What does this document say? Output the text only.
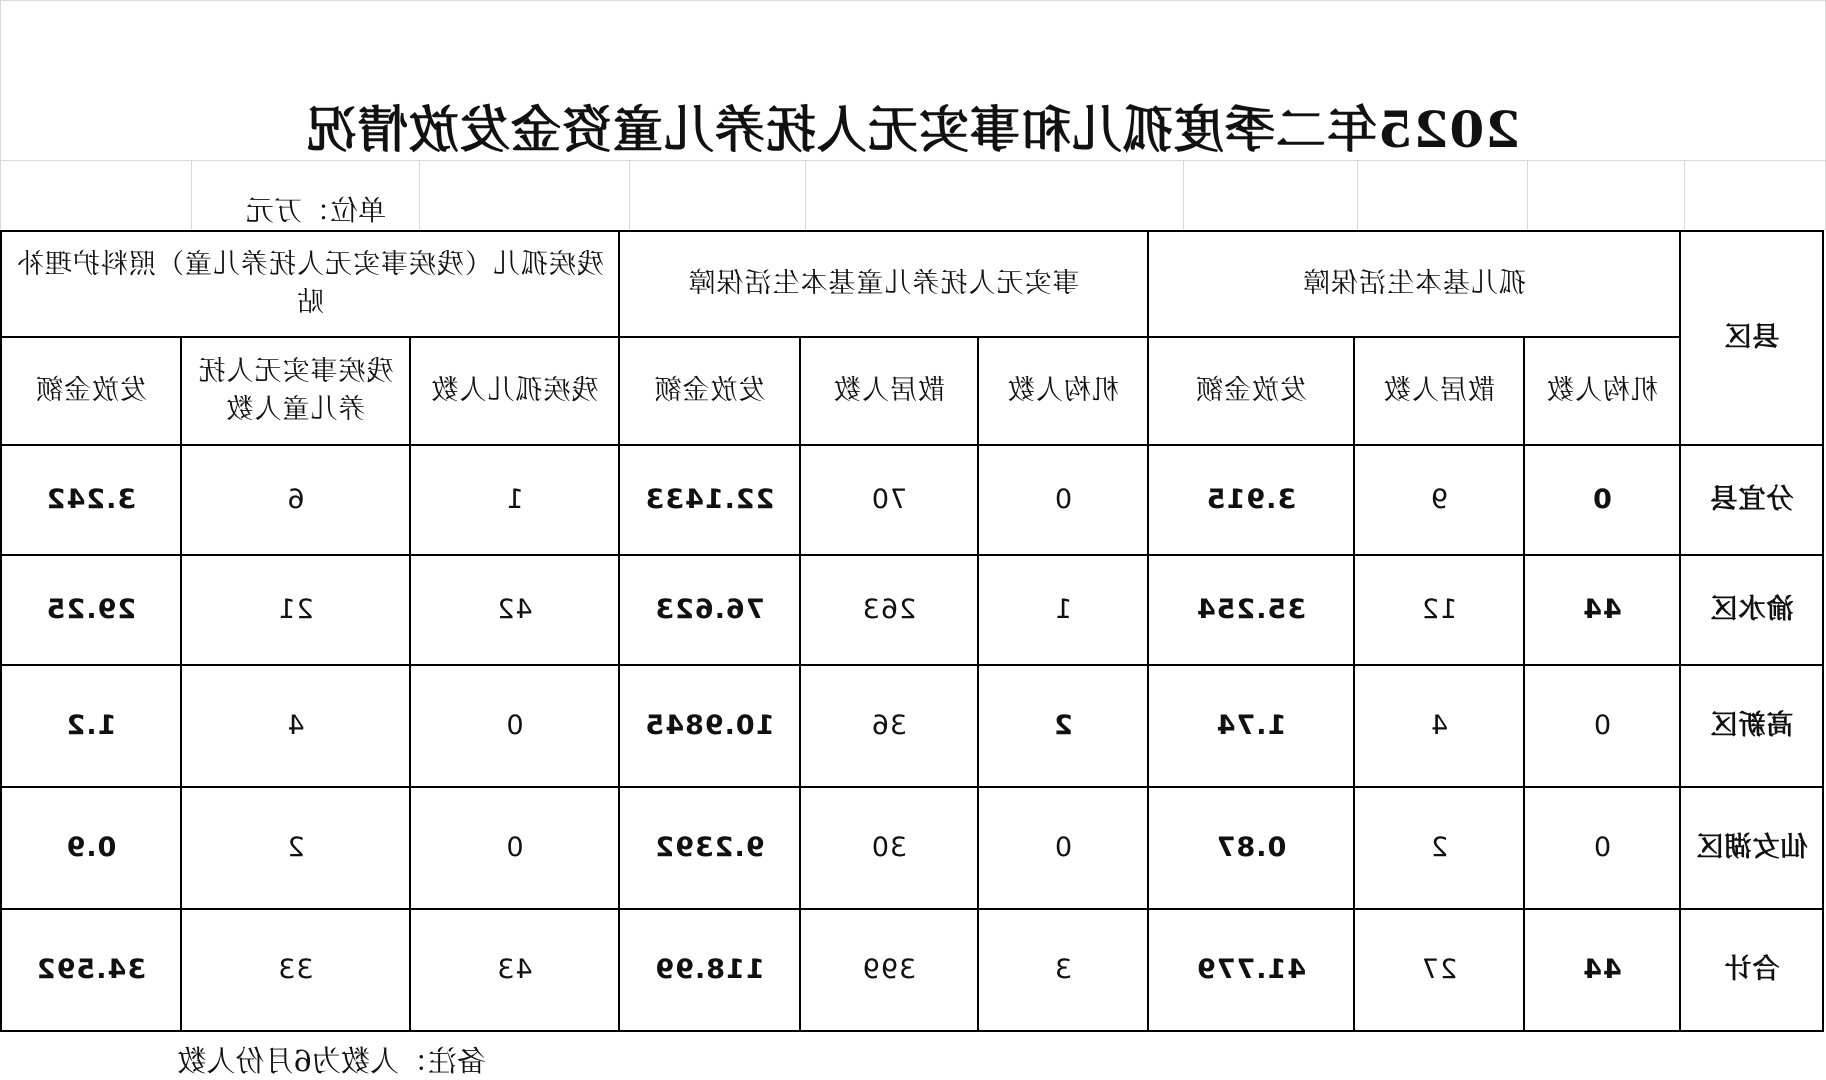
2025年二季度孤儿和事实无人抚养儿童资金发放情况
单位：万元
县区	孤儿基本生活保障			事实无人抚养儿童基本生活保障			残疾孤儿（残疾事实无人抚养儿童）照料护理补贴		
	机构人数	散居人数	发放金额	机构人数	散居人数	发放金额	残疾孤儿人数	残疾事实无人抚养儿童人数	发放金额
分宜县	0	9	3.915	0	70	22.1433	1	6	3.242
渝水区	44	12	35.254	1	263	76.623	42	21	29.25
高新区	0	4	1.74	2	36	10.9845	0	4	1.2
仙女湖区	0	2	0.87	0	30	9.2392	0	2	0.9
合计	44	27	41.779	3	399	118.99	43	33	34.592
备注：人数为6月份人数
